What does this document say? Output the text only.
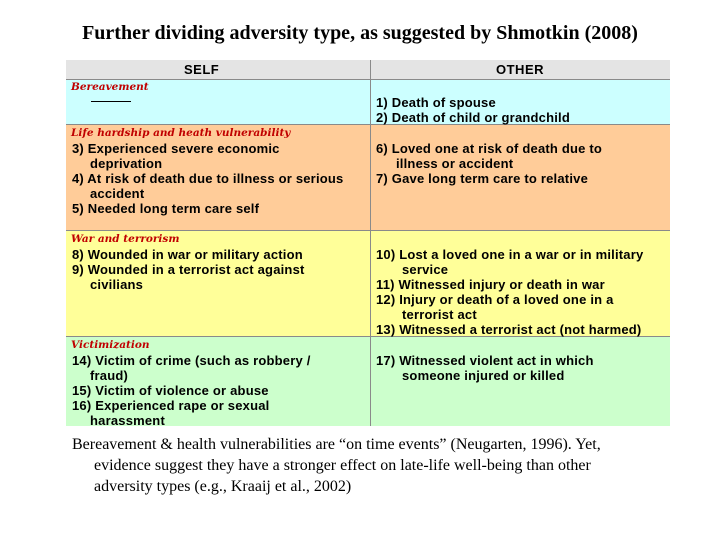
Further dividing adversity type, as suggested by Shmotkin (2008)
SELF	OTHER
Bereavement
1) Death of spouse
2) Death of child or grandchild
Life hardship and heath vulnerability
3) Experienced severe economic
deprivation
4) At risk of death due to illness or serious
accident
5) Needed long term care self
6) Loved one at risk of death due to
illness or accident
7) Gave long term care to relative
War and terrorism
8) Wounded in war or military action
9) Wounded in a terrorist act against
civilians
10) Lost a loved one in a war or in military
service
11) Witnessed injury or death in war
12) Injury or death of a loved one in a
terrorist act
13) Witnessed a terrorist act (not harmed)
Victimization
14) Victim of crime (such as robbery /
fraud)
15) Victim of violence or abuse
16) Experienced rape or sexual
harassment
17) Witnessed violent act in which
someone injured or killed
Bereavement & health vulnerabilities are “on time events” (Neugarten, 1996). Yet,
evidence suggest they have a stronger effect on late-life well-being than other
adversity types (e.g., Kraaij et al., 2002)
